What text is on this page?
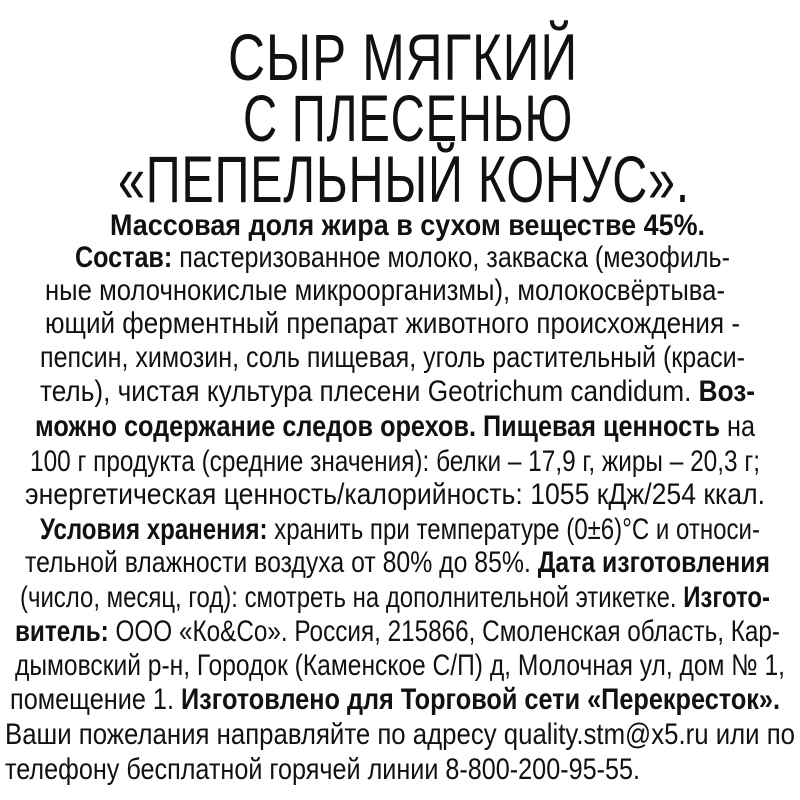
СЫР МЯГКИЙ
С ПЛЕСЕНЬЮ
«ПЕПЕЛЬНЫЙ КОНУС».
Массовая доля жира в сухом веществе 45%.
Состав: пастеризованное молоко, закваска (мезофиль-
ные молочнокислые микроорганизмы), молокосвёртыва-
ющий ферментный препарат животного происхождения -
пепсин, химозин, соль пищевая, уголь растительный (краси-
тель), чистая культура плесени Geotrichum candidum. Воз-
можно содержание следов орехов. Пищевая ценность на
100 г продукта (средние значения): белки – 17,9 г, жиры – 20,3 г;
энергетическая ценность/калорийность: 1055 кДж/254 ккал.
Условия хранения: хранить при температуре (0±6)°С и относи-
тельной влажности воздуха от 80% до 85%. Дата изготовления
(число, месяц, год): смотреть на дополнительной этикетке. Изгото-
витель: ООО «Ко&Со». Россия, 215866, Смоленская область, Кар-
дымовский р-н, Городок (Каменское С/П) д, Молочная ул, дом № 1,
помещение 1. Изготовлено для Торговой сети «Перекресток».
Ваши пожелания направляйте по адресу quality.stm@x5.ru или по
телефону бесплатной горячей линии 8-800-200-95-55.
